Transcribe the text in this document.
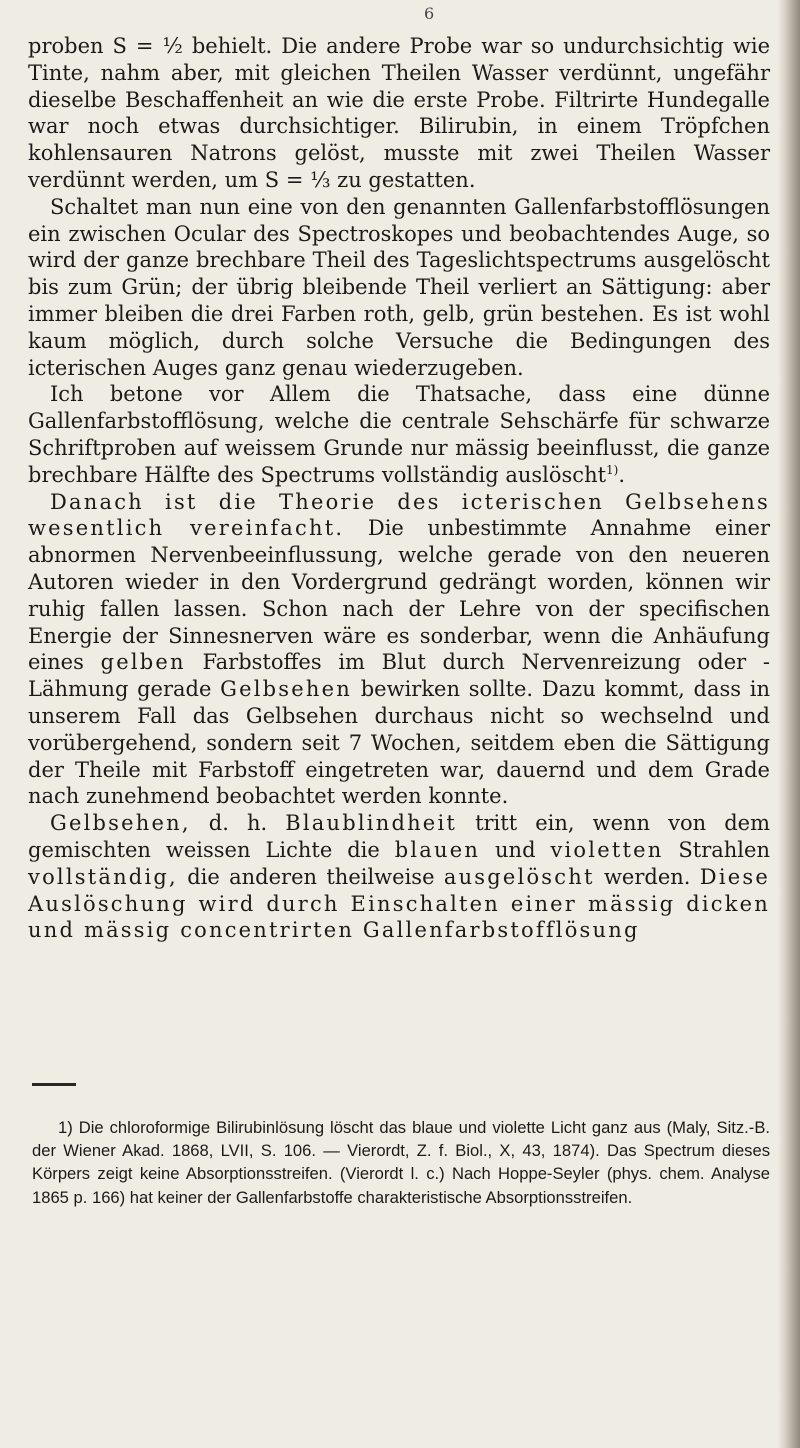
6

proben S = ½ behielt. Die andere Probe war so undurchsichtig wie Tinte, nahm aber, mit gleichen Theilen Wasser verdünnt, ungefähr dieselbe Beschaffenheit an wie die erste Probe. Filtrirte Hundegalle war noch etwas durchsichtiger. Bilirubin, in einem Tröpfchen kohlensauren Natrons gelöst, musste mit zwei Theilen Wasser verdünnt werden, um S = ⅓ zu gestatten.

Schaltet man nun eine von den genannten Gallenfarbstofflösungen ein zwischen Ocular des Spectroskopes und beobachtendes Auge, so wird der ganze brechbare Theil des Tageslichtspectrums ausgelöscht bis zum Grün; der übrig bleibende Theil verliert an Sättigung: aber immer bleiben die drei Farben roth, gelb, grün bestehen. Es ist wohl kaum möglich, durch solche Versuche die Bedingungen des icterischen Auges ganz genau wiederzugeben.

Ich betone vor Allem die Thatsache, dass eine dünne Gallenfarbstofflösung, welche die centrale Sehschärfe für schwarze Schriftproben auf weissem Grunde nur mässig beeinflusst, die ganze brechbare Hälfte des Spectrums vollständig auslöscht$^{1)}$.

Danach ist die Theorie des icterischen Gelbsehens wesentlich vereinfacht. Die unbestimmte Annahme einer abnormen Nervenbeeinflussung, welche gerade von den neueren Autoren wieder in den Vordergrund gedrängt worden, können wir ruhig fallen lassen. Schon nach der Lehre von der specifischen Energie der Sinnesnerven wäre es sonderbar, wenn die Anhäufung eines gelben Farbstoffes im Blut durch Nervenreizung oder -Lähmung gerade Gelbsehen bewirken sollte. Dazu kommt, dass in unserem Fall das Gelbsehen durchaus nicht so wechselnd und vorübergehend, sondern seit 7 Wochen, seitdem eben die Sättigung der Theile mit Farbstoff eingetreten war, dauernd und dem Grade nach zunehmend beobachtet werden konnte.

Gelbsehen, d. h. Blaublindheit tritt ein, wenn von dem gemischten weissen Lichte die blauen und violetten Strahlen vollständig, die anderen theilweise ausgelöscht werden. Diese Auslöschung wird durch Einschalten einer mässig dicken und mässig concentrirten Gallenfarbstofflösung

1) Die chloroformige Bilirubinlösung löscht das blaue und violette Licht ganz aus (Maly, Sitz.-B. der Wiener Akad. 1868, LVII, S. 106. — Vierordt, Z. f. Biol., X, 43, 1874). Das Spectrum dieses Körpers zeigt keine Absorptionsstreifen. (Vierordt l. c.) Nach Hoppe-Seyler (phys. chem. Analyse 1865 p. 166) hat keiner der Gallenfarbstoffe charakteristische Absorptionsstreifen.
